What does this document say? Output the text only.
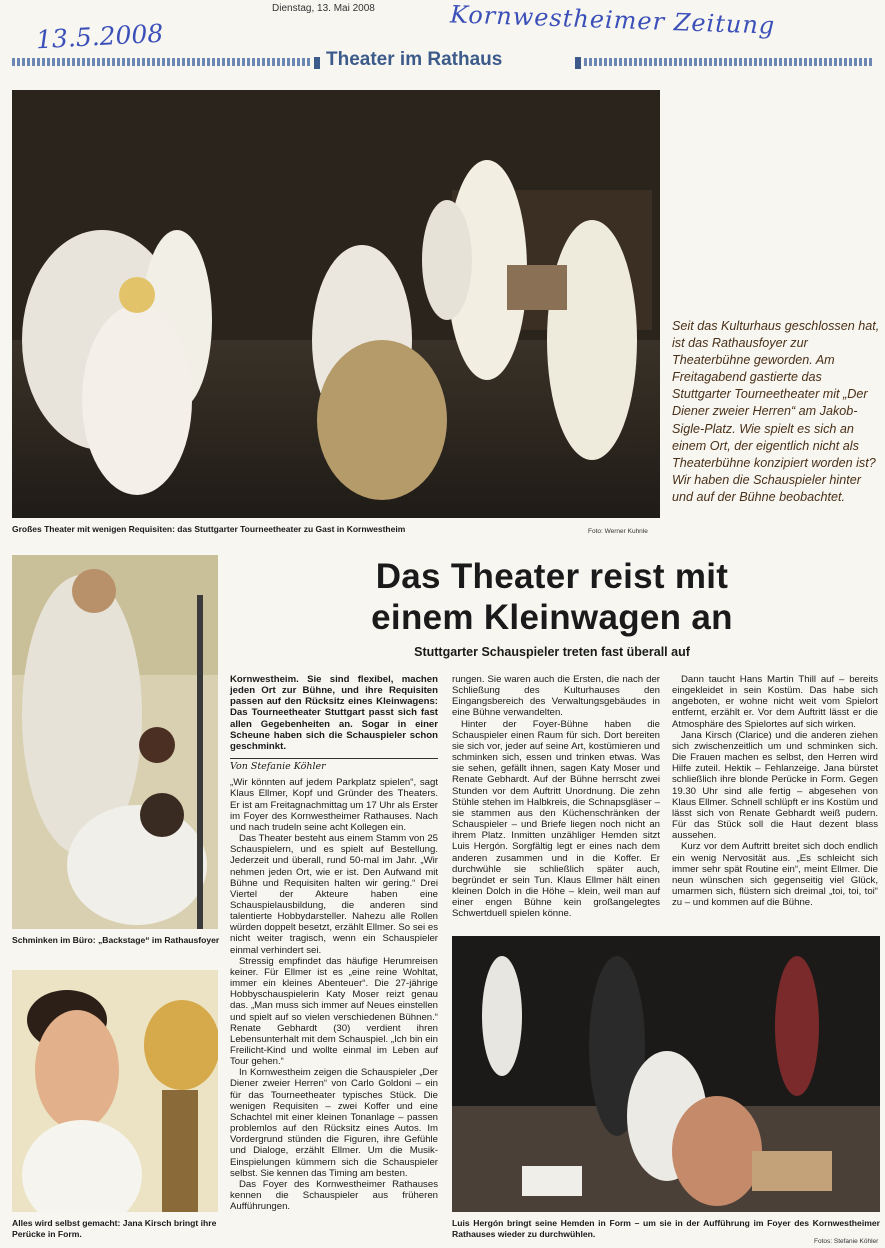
Dienstag, 13. Mai 2008
13.5.2008	Kornwestheimer Zeitung
Theater im Rathaus
Großes Theater mit wenigen Requisiten: das Stuttgarter Tourneetheater zu Gast in Kornwestheim	Foto: Werner Kuhnle
Seit das Kulturhaus geschlossen hat, ist das Rathausfoyer zur Theaterbühne geworden. Am Freitagabend gastierte das Stuttgarter Tourneetheater mit „Der Diener zweier Herren“ am Jakob-Sigle-Platz. Wie spielt es sich an einem Ort, der eigentlich nicht als Theaterbühne konzipiert worden ist? Wir haben die Schauspieler hinter und auf der Bühne beobachtet.
Schminken im Büro: „Backstage“ im Rathausfoyer
Alles wird selbst gemacht: Jana Kirsch bringt ihre Perücke in Form.
Das Theater reist mit
einem Kleinwagen an
Stuttgarter Schauspieler treten fast überall auf

Kornwestheim. Sie sind flexibel, machen jeden Ort zur Bühne, und ihre Requisiten passen auf den Rücksitz eines Kleinwagens: Das Tourneetheater Stuttgart passt sich fast allen Gegebenheiten an. Sogar in einer Scheune haben sich die Schauspieler schon geschminkt.

Von Stefanie Köhler

„Wir könnten auf jedem Parkplatz spielen“, sagt Klaus Ellmer, Kopf und Gründer des Theaters. Er ist am Freitagnachmittag um 17 Uhr als Erster im Foyer des Kornwestheimer Rathauses. Nach und nach trudeln seine acht Kollegen ein.

Das Theater besteht aus einem Stamm von 25 Schauspielern, und es spielt auf Bestellung. Jederzeit und überall, rund 50-mal im Jahr. „Wir nehmen jeden Ort, wie er ist. Den Aufwand mit Bühne und Requisiten halten wir gering.“ Drei Viertel der Akteure haben eine Schauspielausbildung, die anderen sind talentierte Hobbydarsteller. Nahezu alle Rollen würden doppelt besetzt, erzählt Ellmer. So sei es nicht weiter tragisch, wenn ein Schauspieler einmal verhindert sei.

Stressig empfindet das häufige Herumreisen keiner. Für Ellmer ist es „eine reine Wohltat, immer ein kleines Abenteuer“. Die 27-jährige Hobbyschauspielerin Katy Moser reizt genau das. „Man muss sich immer auf Neues einstellen und spielt auf so vielen verschiedenen Bühnen.“ Renate Gebhardt (30) verdient ihren Lebensunterhalt mit dem Schauspiel. „Ich bin ein Freilicht-Kind und wollte einmal im Leben auf Tour gehen.“

In Kornwestheim zeigen die Schauspieler „Der Diener zweier Herren“ von Carlo Goldoni – ein für das Tourneetheater typisches Stück. Die wenigen Requisiten – zwei Koffer und eine Schachtel mit einer kleinen Tonanlage – passen problemlos auf den Rücksitz eines Autos. Im Vordergrund stünden die Figuren, ihre Gefühle und Dialoge, erzählt Ellmer. Um die Musik-Einspielungen kümmern sich die Schauspieler selbst. Sie kennen das Timing am besten.

Das Foyer des Kornwestheimer Rathauses kennen die Schauspieler aus früheren Aufführungen.

rungen. Sie waren auch die Ersten, die nach der Schließung des Kulturhauses den Eingangsbereich des Verwaltungsgebäudes in eine Bühne verwandelten.

Hinter der Foyer-Bühne haben die Schauspieler einen Raum für sich. Dort bereiten sie sich vor, jeder auf seine Art, kostümieren und schminken sich, essen und trinken etwas. Was sie sehen, gefällt ihnen, sagen Katy Moser und Renate Gebhardt. Auf der Bühne herrscht zwei Stunden vor dem Auftritt Unordnung. Die zehn Stühle stehen im Halbkreis, die Schnapsgläser – sie stammen aus den Küchenschränken der Schauspieler – und Briefe liegen noch nicht an ihrem Platz. Inmitten unzähliger Hemden sitzt Luis Hergón. Sorgfältig legt er eines nach dem anderen zusammen und in die Koffer. Er durchwühle sie schließlich später auch, begründet er sein Tun. Klaus Ellmer hält einen kleinen Dolch in die Höhe – klein, weil man auf einer engen Bühne kein großangelegtes Schwertduell spielen könne.

Dann taucht Hans Martin Thill auf – bereits eingekleidet in sein Kostüm. Das habe sich angeboten, er wohne nicht weit vom Spielort entfernt, erzählt er. Vor dem Auftritt lässt er die Atmosphäre des Spielortes auf sich wirken.

Jana Kirsch (Clarice) und die anderen ziehen sich zwischenzeitlich um und schminken sich. Die Frauen machen es selbst, den Herren wird Hilfe zuteil. Hektik – Fehlanzeige. Jana bürstet schließlich ihre blonde Perücke in Form. Gegen 19.30 Uhr sind alle fertig – abgesehen von Klaus Ellmer. Schnell schlüpft er ins Kostüm und lässt sich von Renate Gebhardt weiß pudern. Für das Stück soll die Haut dezent blass aussehen.

Kurz vor dem Auftritt breitet sich doch endlich ein wenig Nervosität aus. „Es schleicht sich immer sehr spät Routine ein“, meint Ellmer. Die neun wünschen sich gegenseitig viel Glück, umarmen sich, flüstern sich dreimal „toi, toi, toi“ zu – und kommen auf die Bühne.

Luis Hergón bringt seine Hemden in Form – um sie in der Aufführung im Foyer des Kornwestheimer Rathauses wieder zu durchwühlen.
Fotos: Stefanie Köhler
